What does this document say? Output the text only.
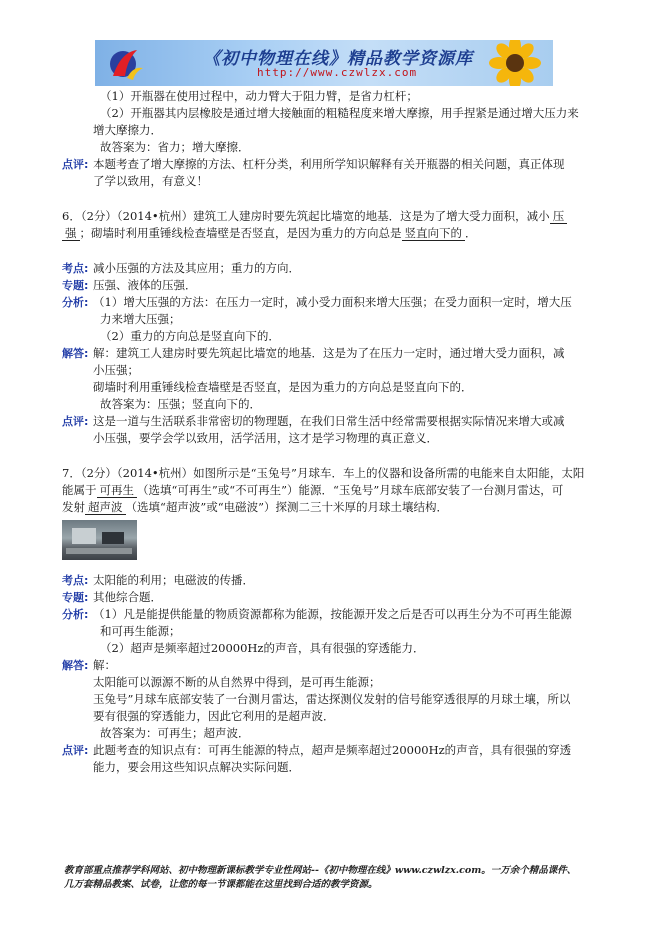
《初中物理在线》精品教学资源库
http://www.czwlzx.com
（1）开瓶器在使用过程中，动力臂大于阻力臂，是省力杠杆；
（2）开瓶器其内层橡胶是通过增大接触面的粗糙程度来增大摩擦，用手捏紧是通过增大压力来
增大摩擦力．
故答案为：省力；增大摩擦．
点评: 本题考查了增大摩擦的方法、杠杆分类，利用所学知识解释有关开瓶器的相关问题，真正体现
了学以致用，有意义！
6．（2分）（2014•杭州）建筑工人建房时要先筑起比墙宽的地基．这是为了增大受力面积，减小 压
强 ；砌墙时利用重锤线检查墙壁是否竖直，是因为重力的方向总是 竖直向下的 ．
考点: 减小压强的方法及其应用；重力的方向．
专题: 压强、液体的压强．
分析: （1）增大压强的方法：在压力一定时，减小受力面积来增大压强；在受力面积一定时，增大压
力来增大压强；
（2）重力的方向总是竖直向下的．
解答: 解：建筑工人建房时要先筑起比墙宽的地基．这是为了在压力一定时，通过增大受力面积，减
小压强；
砌墙时利用重锤线检查墙壁是否竖直，是因为重力的方向总是竖直向下的．
故答案为：压强；竖直向下的．
点评: 这是一道与生活联系非常密切的物理题，在我们日常生活中经常需要根据实际情况来增大或减
小压强，要学会学以致用，活学活用，这才是学习物理的真正意义．
7．（2分）（2014•杭州）如图所示是“玉兔号”月球车．车上的仪器和设备所需的电能来自太阳能，太阳
能属于 可再生 （选填“可再生”或“不可再生”）能源．“玉兔号”月球车底部安装了一台测月雷达，可
发射 超声波 （选填“超声波”或“电磁波”）探测二三十米厚的月球土壤结构．
考点: 太阳能的利用；电磁波的传播．
专题: 其他综合题．
分析: （1）凡是能提供能量的物质资源都称为能源，按能源开发之后是否可以再生分为不可再生能源
和可再生能源；
（2）超声是频率超过20000Hz的声音，具有很强的穿透能力．
解答: 解：
太阳能可以源源不断的从自然界中得到，是可再生能源；
玉兔号”月球车底部安装了一台测月雷达，雷达探测仪发射的信号能穿透很厚的月球土壤，所以
要有很强的穿透能力，因此它利用的是超声波．
故答案为：可再生；超声波．
点评: 此题考查的知识点有：可再生能源的特点，超声是频率超过20000Hz的声音，具有很强的穿透
能力，要会用这些知识点解决实际问题．
教育部重点推荐学科网站、初中物理新课标教学专业性网站--《初中物理在线》www.czwlzx.com。一万余个精品课件、
几万套精品教案、试卷，让您的每一节课都能在这里找到合适的教学资源。
